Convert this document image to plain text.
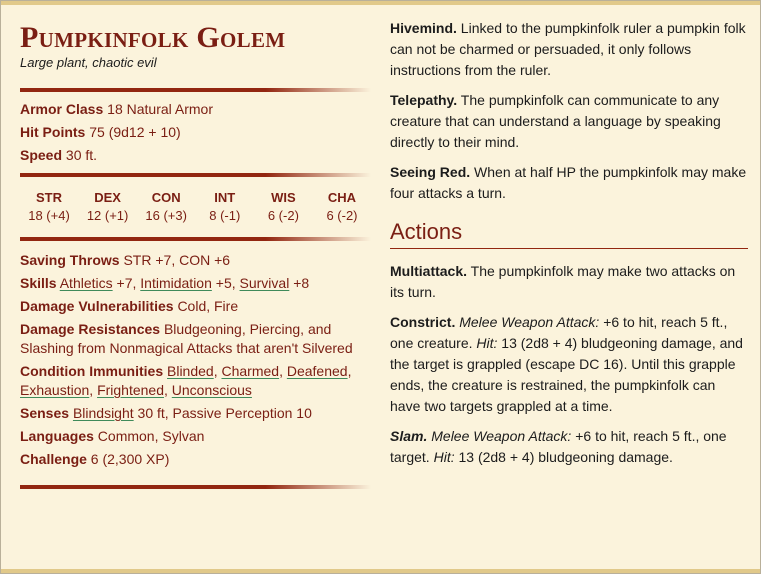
Pumpkinfolk Golem
Large plant, chaotic evil
Armor Class 18 Natural Armor
Hit Points 75 (9d12 + 10)
Speed 30 ft.
STR
18 (+4)
DEX
12 (+1)
CON
16 (+3)
INT
8 (-1)
WIS
6 (-2)
CHA
6 (-2)
Saving Throws STR +7, CON +6
Skills Athletics +7, Intimidation +5, Survival +8
Damage Vulnerabilities Cold, Fire
Damage Resistances Bludgeoning, Piercing, and Slashing from Nonmagical Attacks that aren't Silvered
Condition Immunities Blinded, Charmed, Deafened, Exhaustion, Frightened, Unconscious
Senses Blindsight 30 ft, Passive Perception 10
Languages Common, Sylvan
Challenge 6 (2,300 XP)

Hivemind. Linked to the pumpkinfolk ruler a pumpkin folk can not be charmed or persuaded, it only follows instructions from the ruler.

Telepathy. The pumpkinfolk can communicate to any creature that can understand a language by speaking directly to their mind.

Seeing Red. When at half HP the pumpkinfolk may make four attacks a turn.

Actions

Multiattack. The pumpkinfolk may make two attacks on its turn.

Constrict. Melee Weapon Attack: +6 to hit, reach 5 ft., one creature. Hit: 13 (2d8 + 4) bludgeoning damage, and the target is grappled (escape DC 16). Until this grapple ends, the creature is restrained, the pumpkinfolk can have two targets grappled at a time.

Slam. Melee Weapon Attack: +6 to hit, reach 5 ft., one target. Hit: 13 (2d8 + 4) bludgeoning damage.
